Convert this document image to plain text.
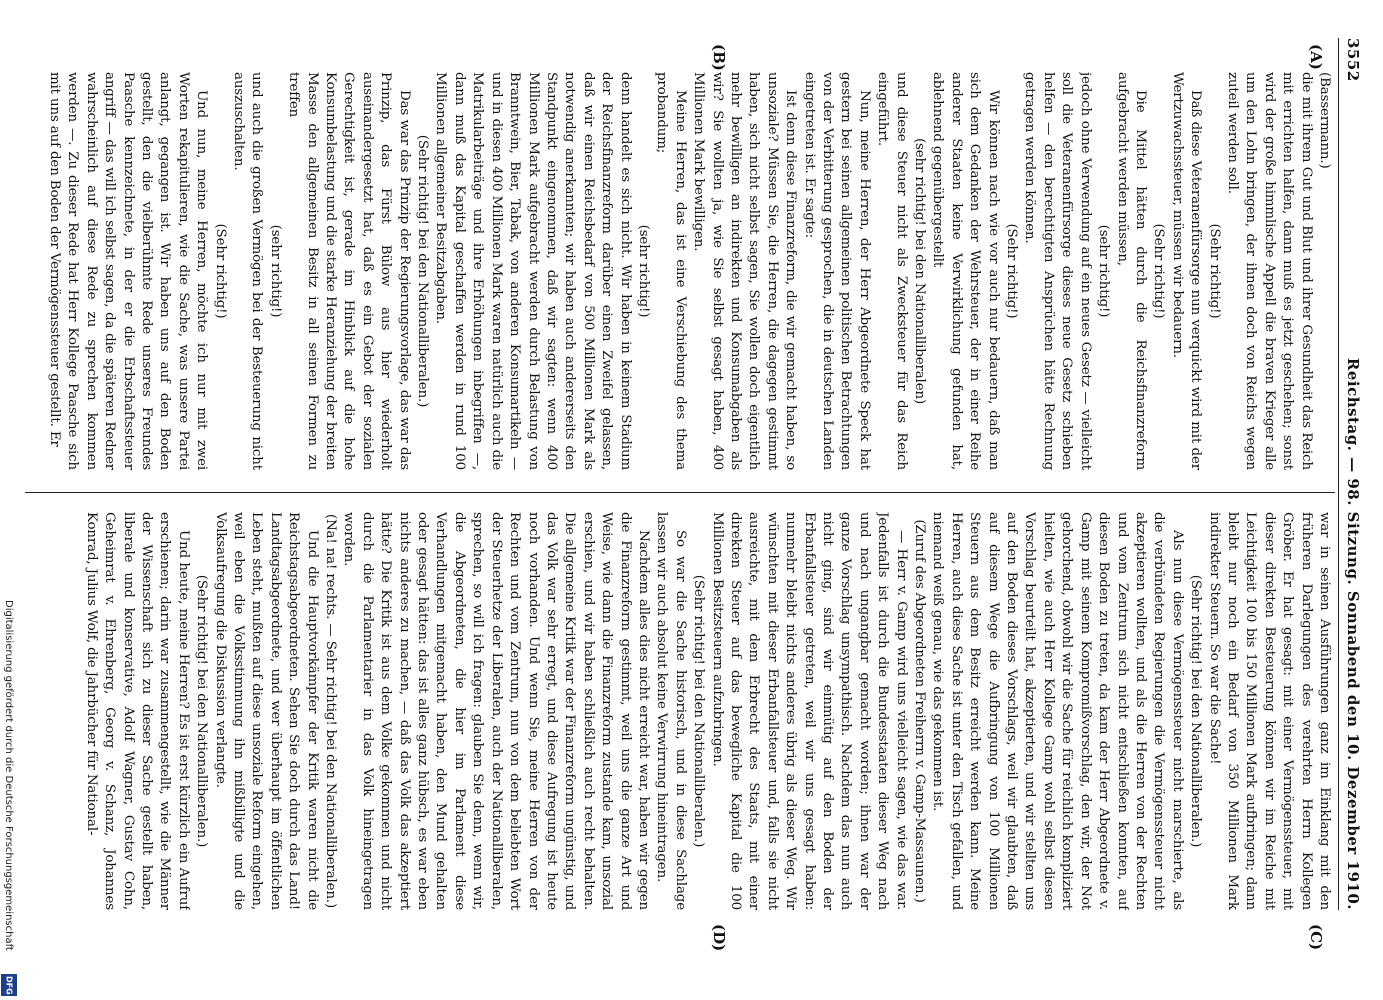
3552
Reichstag. — 98. Sitzung. Sonnabend den 10. Dezember 1910.
(A)
(B)
(C)
(D)

(Bassermann.)

die mit ihrem Gut und Blut und ihrer Gesundheit das Reich mit errichten halfen, dann muß es jetzt geschehen; sonst wird der große himmlische Appell die braven Krieger alle um den Lohn bringen, der ihnen doch von Reichs wegen zuteil werden soll.

(Sehr richtig!)

Daß diese Veteranenfürsorge nun verquickt wird mit der Wertzuwachssteuer, müssen wir bedauern.

(Sehr richtig!)

Die Mittel hätten durch die Reichsfinanzreform aufgebracht werden müssen,

(sehr richtig!)

jedoch ohne Verwendung auf ein neues Gesetz — vielleicht soll die Veteranenfürsorge dieses neue Gesetz schieben helfen — den berechtigten Ansprüchen hätte Rechnung getragen werden können.

(Sehr richtig!)

Wir können nach wie vor auch nur bedauern, daß man sich dem Gedanken der Wehrsteuer, der in einer Reihe anderer Staaten keine Verwirklichung gefunden hat, ablehnend gegenübergestellt

(sehr richtig! bei den Nationalliberalen)

und diese Steuer nicht als Zwecksteuer für das Reich eingeführt.

Nun, meine Herren, der Herr Abgeordnete Speck hat gestern bei seinen allgemeinen politischen Betrachtungen von der Verbitterung gesprochen, die in deutschen Landen eingetreten ist. Er sagte:

Ist denn diese Finanzreform, die wir gemacht haben, so unsoziale? Müssen Sie, die Herren, die dagegen gestimmt haben, sich nicht selbst sagen, Sie wollen doch eigentlich mehr bewilligen an indirekten und Konsumabgaben als wir? Sie wollten ja, wie Sie selbst gesagt haben, 400 Millionen Mark bewilligen.

Meine Herren, das ist eine Verschiebung des thema probandum;

(sehr richtig!)

denn handelt es sich nicht. Wir haben in keinem Stadium der Reichsfinanzreform darüber einen Zweifel gelassen, daß wir einen Reichsbedarf von 500 Millionen Mark als notwendig anerkannten; wir haben auch andererseits den Standpunkt eingenommen, daß wir sagten: wenn 400 Millionen Mark aufgebracht werden durch Belastung von Branntwein, Bier, Tabak, von anderen Konsumartikeln — und in diesen 400 Millionen Mark waren natürlich auch die Matrikularbeiträge und ihre Erhöhungen inbegriffen —, dann muß das Kapital geschaffen werden in rund 100 Millionen allgemeiner Besitzabgaben.

(Sehr richtig! bei den Nationalliberalen.)

Das war das Prinzip der Regierungsvorlage, das war das Prinzip, das Fürst Bülow aus hier wiederholt auseinandergesetzt hat, daß es ein Gebot der sozialen Gerechtigkeit ist, gerade im Hinblick auf die hohe Konsumbelastung und die starke Heranziehung der breiten Masse den allgemeinen Besitz in all seinen Formen zu treffen

(sehr richtig!)

und auch die großen Vermögen bei der Besteuerung nicht auszuschalten.

(Sehr richtig!)

Und nun, meine Herren, möchte ich nur mit zwei Worten rekapitulieren, wie die Sache, was unsere Partei anlangt, gegangen ist. Wir haben uns auf den Boden gestellt, den die vielberühmte Rede unseres Freundes Paasche kennzeichnete, in der er die Erbschaftssteuer angriff — das will ich selbst sagen, da die späteren Redner wahrscheinlich auf diese Rede zu sprechen kommen werden —. Zu dieser Rede hat Herr Kollege Paasche sich mit uns auf den Boden der Vermögenssteuer gestellt. Er

war in seinen Ausführungen ganz im Einklang mit den früheren Darlegungen des verehrten Herrn Kollegen Gröber. Er hat gesagt: mit einer Vermögenssteuer, mit dieser direkten Besteuerung können wir im Reiche mit Leichtigkeit 100 bis 150 Millionen Mark aufbringen; dann bleibt nur noch ein Bedarf von 350 Millionen Mark indirekter Steuern. So war die Sache!

(Sehr richtig! bei den Nationalliberalen.)

Als nun diese Vermögenssteuer nicht marschierte, als die verbündeten Regierungen die Vermögenssteuer nicht akzeptieren wollten, und als die Herren von der Rechten und vom Zentrum sich nicht entschließen konnten, auf diesen Boden zu treten, da kam der Herr Abgeordnete v. Gamp mit seinem Kompromißvorschlag, den wir, der Not gehorchend, obwohl wir die Sache für reichlich kompliziert hielten, wie auch Herr Kollege Gamp wohl selbst diesen Vorschlag beurteilt hat, akzeptierten, und wir stellten uns auf den Boden dieses Vorschlags, weil wir glaubten, daß auf diesem Wege die Aufbringung von 100 Millionen Steuern aus dem Besitz erreicht werden kann. Meine Herren, auch diese Sache ist unter den Tisch gefallen, und niemand weiß genau, wie das gekommen ist.

(Zuruf des Abgeordneten Freiherrn v. Gamp-Massaunen.)

— Herr v. Gamp wird uns vielleicht sagen, wie das war. Jedenfalls ist durch die Bundesstaaten dieser Weg nach und nach ungangbar gemacht worden; ihnen war der ganze Vorschlag unsympathisch. Nachdem das nun auch nicht ging, sind wir einmütig auf den Boden der Erbanfallsteuer getreten, weil wir uns gesagt haben: nunmehr bleibt nichts anderes übrig als dieser Weg. Wir wünschten mit dieser Erbanfallsteuer und, falls sie nicht ausreichte, mit dem Erbrecht des Staats, mit einer direkten Steuer auf das bewegliche Kapital die 100 Millionen Besitzsteuern aufzubringen.

(Sehr richtig! bei den Nationalliberalen.)

So war die Sache historisch, und in diese Sachlage lassen wir auch absolut keine Verwirrung hineintragen.

Nachdem alles dies nicht erreicht war, haben wir gegen die Finanzreform gestimmt, weil uns die ganze Art und Weise, wie dann die Finanzreform zustande kam, unsozial erschien, und wir haben schließlich auch recht behalten. Die allgemeine Kritik war der Finanzreform ungünstig, und das Volk war sehr erregt, und diese Aufregung ist heute noch vorhanden. Und wenn Sie, meine Herren von der Rechten und vom Zentrum, nun von dem beliebten Wort der Steuerhetze der Liberalen, auch der Nationalliberalen, sprechen, so will ich fragen: glauben Sie denn, wenn wir, die Abgeordneten, die hier im Parlament diese Verhandlungen mitgemacht haben, den Mund gehalten oder gesagt hätten: das ist alles ganz hübsch, es war eben nichts anderes zu machen, — daß das Volk das akzeptiert hätte? Die Kritik ist aus dem Volke gekommen und nicht durch die Parlamentarier in das Volk hineingetragen worden.

(Na! na! rechts. — Sehr richtig! bei den Nationalliberalen.)

Und die Hauptvorkämpfer der Kritik waren nicht die Reichstagsabgeordneten. Sehen Sie doch durch das Land! Landtagsabgeordnete, und wer überhaupt im öffentlichen Leben steht, mußten auf diese unsoziale Reform eingehen, weil eben die Volksstimmung ihn mißbilligte und die Volksaufregung die Diskussion verlangte.

(Sehr richtig! bei den Nationalliberalen.)

Und heute, meine Herren? Es ist erst kürzlich ein Aufruf erschienen; darin war zusammengestellt, wie die Männer der Wissenschaft sich zu dieser Sache gestellt haben, liberale und konservative, Adolf Wagner, Gustav Cohn, Geheimrat v. Ehrenberg, Georg v. Schanz, Johannes Konrad, Julius Wolf, die Jahrbücher für National-

Digitalisierung gefördert durch die Deutsche Forschungsgemeinschaft
DFG
